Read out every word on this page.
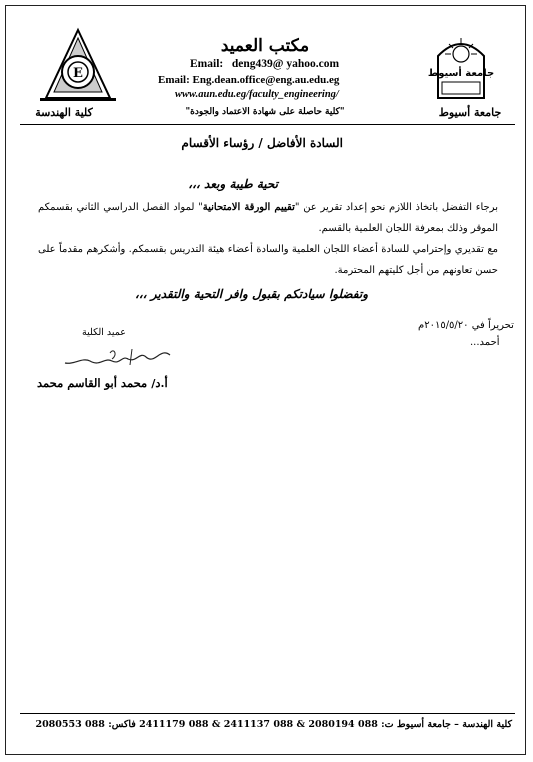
E
كلية الهندسة
جامعة أسيوط
جامعة أسيوط
مكتب العميد
Email: deng439@ yahoo.com
Email: Eng.dean.office@eng.au.edu.eg
www.aun.edu.eg/faculty_engineering/
"كلية حاصلة على شهادة الاعتماد والجودة"
السادة الأفاضل / رؤساء الأقسام
تحية طيبة وبعد ،،،
برجاء التفضل باتخاذ اللازم نحو إعداد تقرير عن "تقييم الورقة الامتحانية" لمواد الفصل الدراسي الثاني بقسمكم الموقر وذلك بمعرفة اللجان العلمية بالقسم.
مع تقديري وإحترامي للسادة أعضاء اللجان العلمية والسادة أعضاء هيئة التدريس بقسمكم. وأشكرهم مقدماً على حسن تعاونهم من أجل كليتهم المحترمة.
وتفضلوا سيادتكم بقبول وافر التحية والتقدير ،،،
تحريراً في ٢٠١٥/٥/٢٠م
أحمد...
عميد الكلية
أ.د/ محمد أبو القاسم محمد
كلية الهندسة – جامعة أسيوط ت: 088 2080194 & 088 2411137 & 088 2411179 فاكس: 088 2080553
